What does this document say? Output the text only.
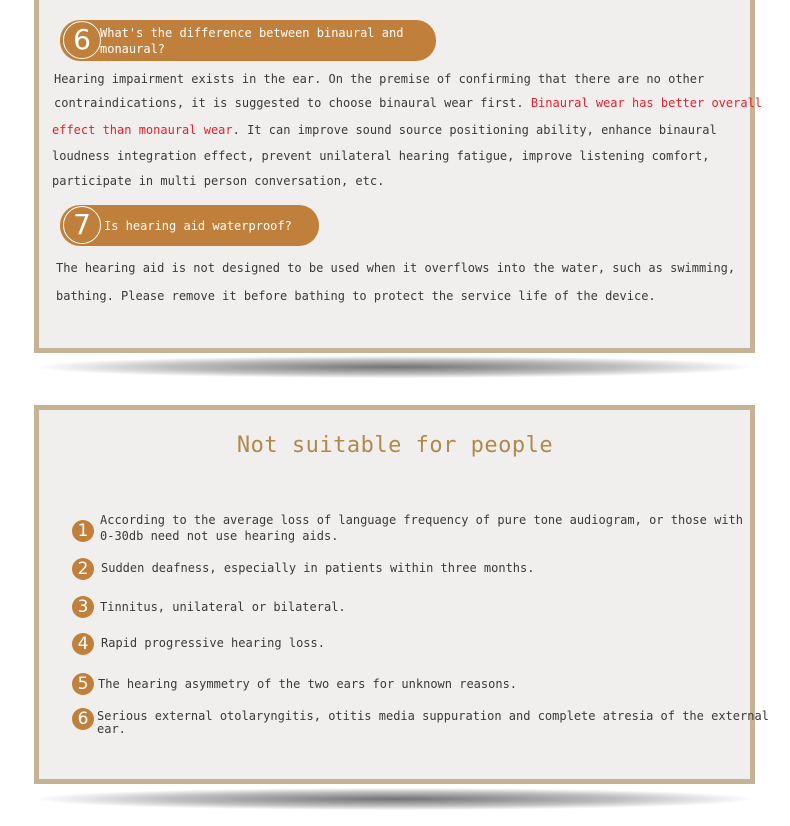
6 What's the difference between binaural and
monaural?
Hearing impairment exists in the ear. On the premise of confirming that there are no other
contraindications, it is suggested to choose binaural wear first. Binaural wear has better overall
effect than monaural wear. It can improve sound source positioning ability, enhance binaural
loudness integration effect, prevent unilateral hearing fatigue, improve listening comfort,
participate in multi person conversation, etc.
7	Is hearing aid waterproof?
The hearing aid is not designed to be used when it overflows into the water, such as swimming,
bathing. Please remove it before bathing to protect the service life of the device.
Not suitable for people
1
According to the average loss of language frequency of pure tone audiogram, or those with
0-30db need not use hearing aids.
2	Sudden deafness, especially in patients within three months.
3 Tinnitus, unilateral or bilateral.
4	Rapid progressive hearing loss.
5 The hearing asymmetry of the two ears for unknown reasons.
6 Serious external otolaryngitis, otitis media suppuration and complete atresia of the external
ear.
